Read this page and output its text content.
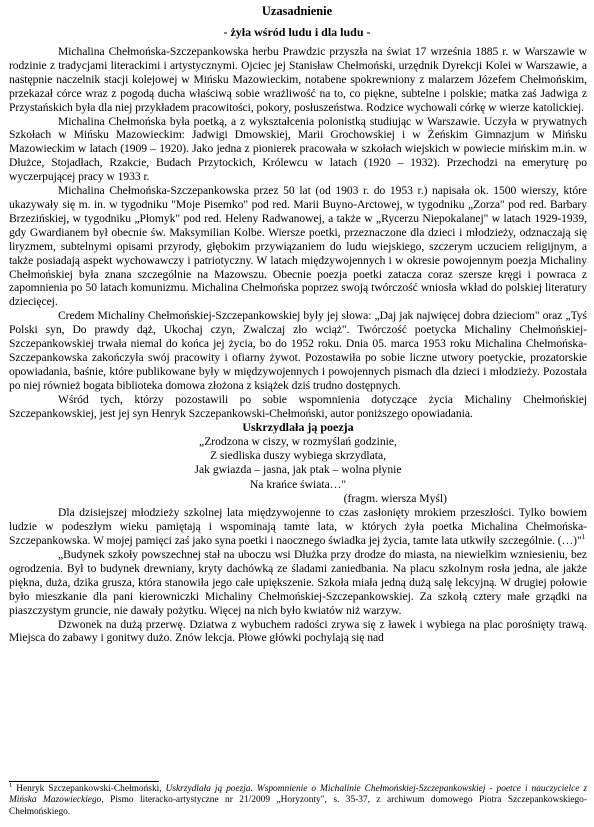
Uzasadnienie
- żyła wśród ludu i dla ludu -

Michalina Chełmońska-Szczepankowska herbu Prawdzic przyszła na świat 17 września 1885 r. w Warszawie w rodzinie z tradycjami literackimi i artystycznymi. Ojciec jej Stanisław Chełmoński, urzędnik Dyrekcji Kolei w Warszawie, a następnie naczelnik stacji kolejowej w Mińsku Mazowieckim, notabene spokrewniony z malarzem Józefem Chełmońskim, przekazał córce wraz z pogodą ducha właściwą sobie wrażliwość na to, co piękne, subtelne i polskie; matka zaś Jadwiga z Przystańskich była dla niej przykładem pracowitości, pokory, posłuszeństwa. Rodzice wychowali córkę w wierze katolickiej.

Michalina Chełmońska była poetką, a z wykształcenia polonistką studiując w Warszawie. Uczyła w prywatnych Szkołach w Mińsku Mazowieckim: Jadwigi Dmowskiej, Marii Grochowskiej i w Żeńskim Gimnazjum w Mińsku Mazowieckim w latach (1909 – 1920). Jako jedna z pionierek pracowała w szkołach wiejskich w powiecie mińskim m.in. w Dłużce, Stojadłach, Rzakcie, Budach Przytockich, Królewcu w latach (1920 – 1932). Przechodzi na emeryturę po wyczerpującej pracy w 1933 r.

Michalina Chełmońska-Szczepankowska przez 50 lat (od 1903 r. do 1953 r.) napisała ok. 1500 wierszy, które ukazywały się m. in. w tygodniku "Moje Pisemko" pod red. Marii Buyno-Arctowej, w tygodniku „Zorza" pod red. Barbary Brzezińskiej, w tygodniku „Płomyk" pod red. Heleny Radwanowej, a także w „Rycerzu Niepokalanej" w latach 1929-1939, gdy Gwardianem był obecnie św. Maksymilian Kolbe. Wiersze poetki, przeznaczone dla dzieci i młodzieży, odznaczają się liryzmem, subtelnymi opisami przyrody, głębokim przywiązaniem do ludu wiejskiego, szczerym uczuciem religijnym, a także posiadają aspekt wychowawczy i patriotyczny. W latach międzywojennych i w okresie powojennym poezja Michaliny Chełmońskiej była znana szczególnie na Mazowszu. Obecnie poezja poetki zatacza coraz szersze kręgi i powraca z zapomnienia po 50 latach komunizmu. Michalina Chełmońska poprzez swoją twórczość wniosła wkład do polskiej literatury dziecięcej.

Credem Michaliny Chełmońskiej-Szczepankowskiej były jej słowa: „Daj jak najwięcej dobra dzieciom" oraz „Tyś Polski syn, Do prawdy dąż, Ukochaj czyn, Zwalczaj zło wciąż". Twórczość poetycka Michaliny Chełmońskiej-Szczepankowskiej trwała niemal do końca jej życia, bo do 1952 roku. Dnia 05. marca 1953 roku Michalina Chełmońska-Szczepankowska zakończyła swój pracowity i ofiarny żywot. Pozostawiła po sobie liczne utwory poetyckie, prozatorskie opowiadania, baśnie, które publikowane były w międzywojennych i powojennych pismach dla dzieci i młodzieży. Pozostała po niej również bogata biblioteka domowa złożona z książek dziś trudno dostępnych.

Wśród tych, którzy pozostawili po sobie wspomnienia dotyczące życia Michaliny Chełmońskiej Szczepankowskiej, jest jej syn Henryk Szczepankowski-Chełmoński, autor poniższego opowiadania.

Uskrzydlała ją poezja
„Zrodzona w ciszy, w rozmyślań godzinie,
Z siedliska duszy wybiega skrzydlata,
Jak gwiazda – jasna, jak ptak – wolna płynie
Na krańce świata…"
(fragm. wiersza Myśl)

Dla dzisiejszej młodzieży szkolnej lata międzywojenne to czas zasłonięty mrokiem przeszłości. Tylko bowiem ludzie w podeszłym wieku pamiętają i wspominają tamte lata, w których żyła poetka Michalina Chełmońska-Szczepankowska. W mojej pamięci zaś jako syna poetki i naocznego świadka jej życia, tamte lata utkwiły szczególnie. (…)"$^1$

„Budynek szkoły powszechnej stał na uboczu wsi Dłużka przy drodze do miasta, na niewielkim wzniesieniu, bez ogrodzenia. Był to budynek drewniany, kryty dachówką ze śladami zaniedbania. Na placu szkolnym rosła jedna, ale jakże piękna, duża, dzika grusza, która stanowiła jego całe upiększenie. Szkoła miała jedną dużą salę lekcyjną. W drugiej połowie było mieszkanie dla pani kierowniczki Michaliny Chełmońskiej-Szczepankowskiej. Za szkołą cztery małe grządki na piaszczystym gruncie, nie dawały pożytku. Więcej na nich było kwiatów niż warzyw.

Dzwonek na dużą przerwę. Dziatwa z wybuchem radości zrywa się z ławek i wybiega na plac porośnięty trawą. Miejsca do zabawy i gonitwy dużo. Znów lekcja. Płowe główki pochylają się nad

$^1$ Henryk Szczepankowski-Chełmoński, Uskrzydlała ją poezja. Wspomnienie o Michalinie Chełmońskiej-Szczepankowskiej - poetce i nauczycielce z Mińska Mazowieckiego, Pismo literacko-artystyczne nr 21/2009 „Horyzonty", s. 35-37, z archiwum domowego Piotra Szczepankowskiego-Chełmońskiego.
